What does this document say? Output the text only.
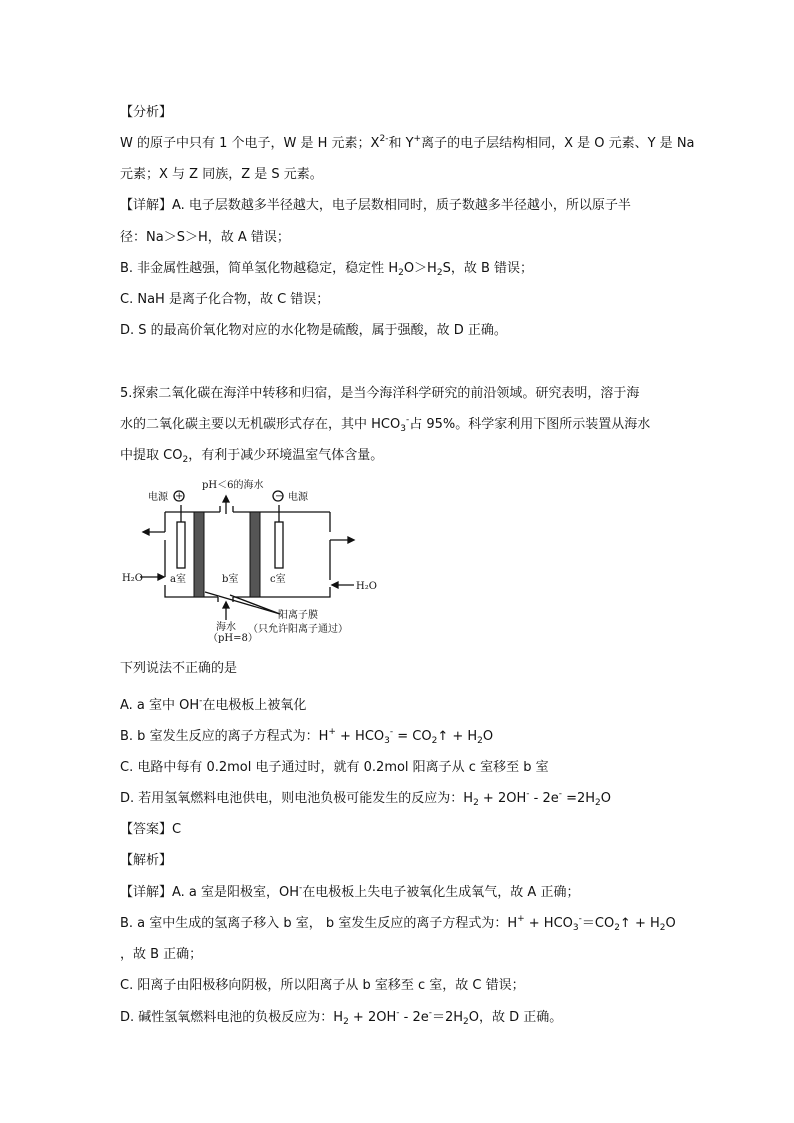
【分析】
W 的原子中只有 1 个电子，W 是 H 元素；$X^{2-}$和 Y+离子的电子层结构相同，X 是 O 元素、Y 是 Na
元素；X 与 Z 同族，Z 是 S 元素。
【详解】A. 电子层数越多半径越大，电子层数相同时，质子数越多半径越小，所以原子半
径：Na＞S＞H，故 A 错误；
B. 非金属性越强，简单氢化物越稳定，稳定性 $H_2O>H_2S$，故 B 错误；
C. NaH 是离子化合物，故 C 错误；
D. S 的最高价氧化物对应的水化物是硫酸，属于强酸，故 D 正确。
5.探索二氧化碳在海洋中转移和归宿，是当今海洋科学研究的前沿领域。研究表明，溶于海
水的二氧化碳主要以无机碳形式存在，其中 $HCO_3^-$占 95%。科学家利用下图所示装置从海水
中提取 $CO_2$，有利于减少环境温室气体含量。
电源 +	− 电源
pH＜6的海水
H₂O
H₂O
a室	b室	c室
阳离子膜
（只允许阳离子通过）
海水
（pH=8）
下列说法不正确的是
A. a 室中 OH-在电极板上被氧化
B. b 室发生反应的离子方程式为：$H^+ + HCO_3^-$ = $CO_2↑ + H_2O$
C. 电路中每有 0.2mol 电子通过时，就有 0.2mol 阳离子从 c 室移至 b 室
D. 若用氢氧燃料电池供电，则电池负极可能发生的反应为：$H_2 + 2OH^- - 2e^- =2H_2O$
【答案】C
【解析】
【详解】A. a 室是阳极室，OH-在电极板上失电子被氧化生成氧气，故 A 正确；
B. a 室中生成的氢离子移入 b 室， b 室发生反应的离子方程式为：$H^+ + HCO_3^-=CO_2↑ + H_2O$
，故 B 正确；
C. 阳离子由阳极移向阴极，所以阳离子从 b 室移至 c 室，故 C 错误；
D. 碱性氢氧燃料电池的负极反应为：$H_2 + 2OH^- - 2e^-=2H_2O$，故 D 正确。
